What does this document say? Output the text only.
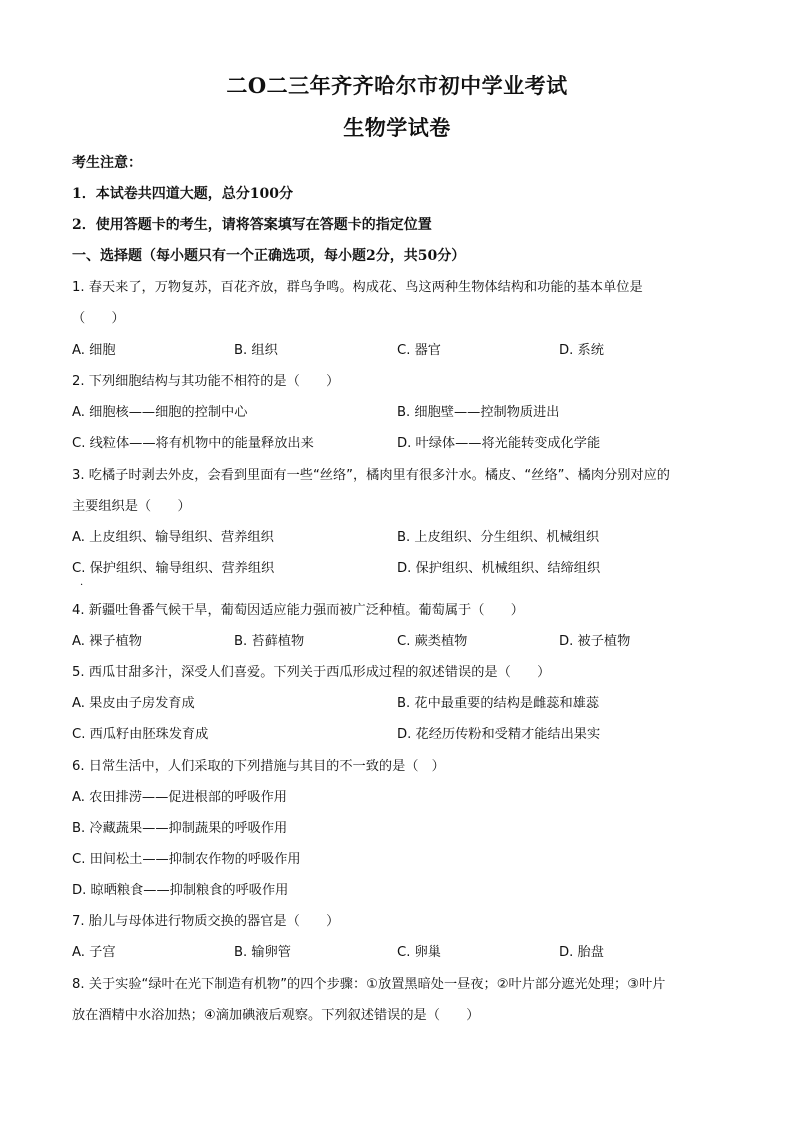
二O二三年齐齐哈尔市初中学业考试
生物学试卷
考生注意：
1．本试卷共四道大题，总分100分
2．使用答题卡的考生，请将答案填写在答题卡的指定位置
一、选择题（每小题只有一个正确选项，每小题2分，共50分）
1. 春天来了，万物复苏，百花齐放，群鸟争鸣。构成花、鸟这两种生物体结构和功能的基本单位是
（　　）
A. 细胞	B. 组织	C. 器官	D. 系统
2. 下列细胞结构与其功能不相符的是（　　）
A. 细胞核——细胞的控制中心	B. 细胞壁——控制物质进出
C. 线粒体——将有机物中的能量释放出来	D. 叶绿体——将光能转变成化学能
3. 吃橘子时剥去外皮，会看到里面有一些“丝络”，橘肉里有很多汁水。橘皮、“丝络”、橘肉分别对应的
主要组织是（　　）
A. 上皮组织、输导组织、营养组织	B. 上皮组织、分生组织、机械组织
C. 保护组织、输导组织、营养组织	D. 保护组织、机械组织、结缔组织
·
4. 新疆吐鲁番气候干旱，葡萄因适应能力强而被广泛种植。葡萄属于（　　）
A. 裸子植物	B. 苔藓植物	C. 蕨类植物	D. 被子植物
5. 西瓜甘甜多汁，深受人们喜爱。下列关于西瓜形成过程的叙述错误的是（　　）
A. 果皮由子房发育成	B. 花中最重要的结构是雌蕊和雄蕊
C. 西瓜籽由胚珠发育成	D. 花经历传粉和受精才能结出果实
6. 日常生活中，人们采取的下列措施与其目的不一致的是（　）
A. 农田排涝——促进根部的呼吸作用
B. 冷藏蔬果——抑制蔬果的呼吸作用
C. 田间松土——抑制农作物的呼吸作用
D. 晾晒粮食——抑制粮食的呼吸作用
7. 胎儿与母体进行物质交换的器官是（　　）
A. 子宫	B. 输卵管	C. 卵巢	D. 胎盘
8. 关于实验“绿叶在光下制造有机物”的四个步骤：①放置黑暗处一昼夜；②叶片部分遮光处理；③叶片
放在酒精中水浴加热；④滴加碘液后观察。下列叙述错误的是（　　）
